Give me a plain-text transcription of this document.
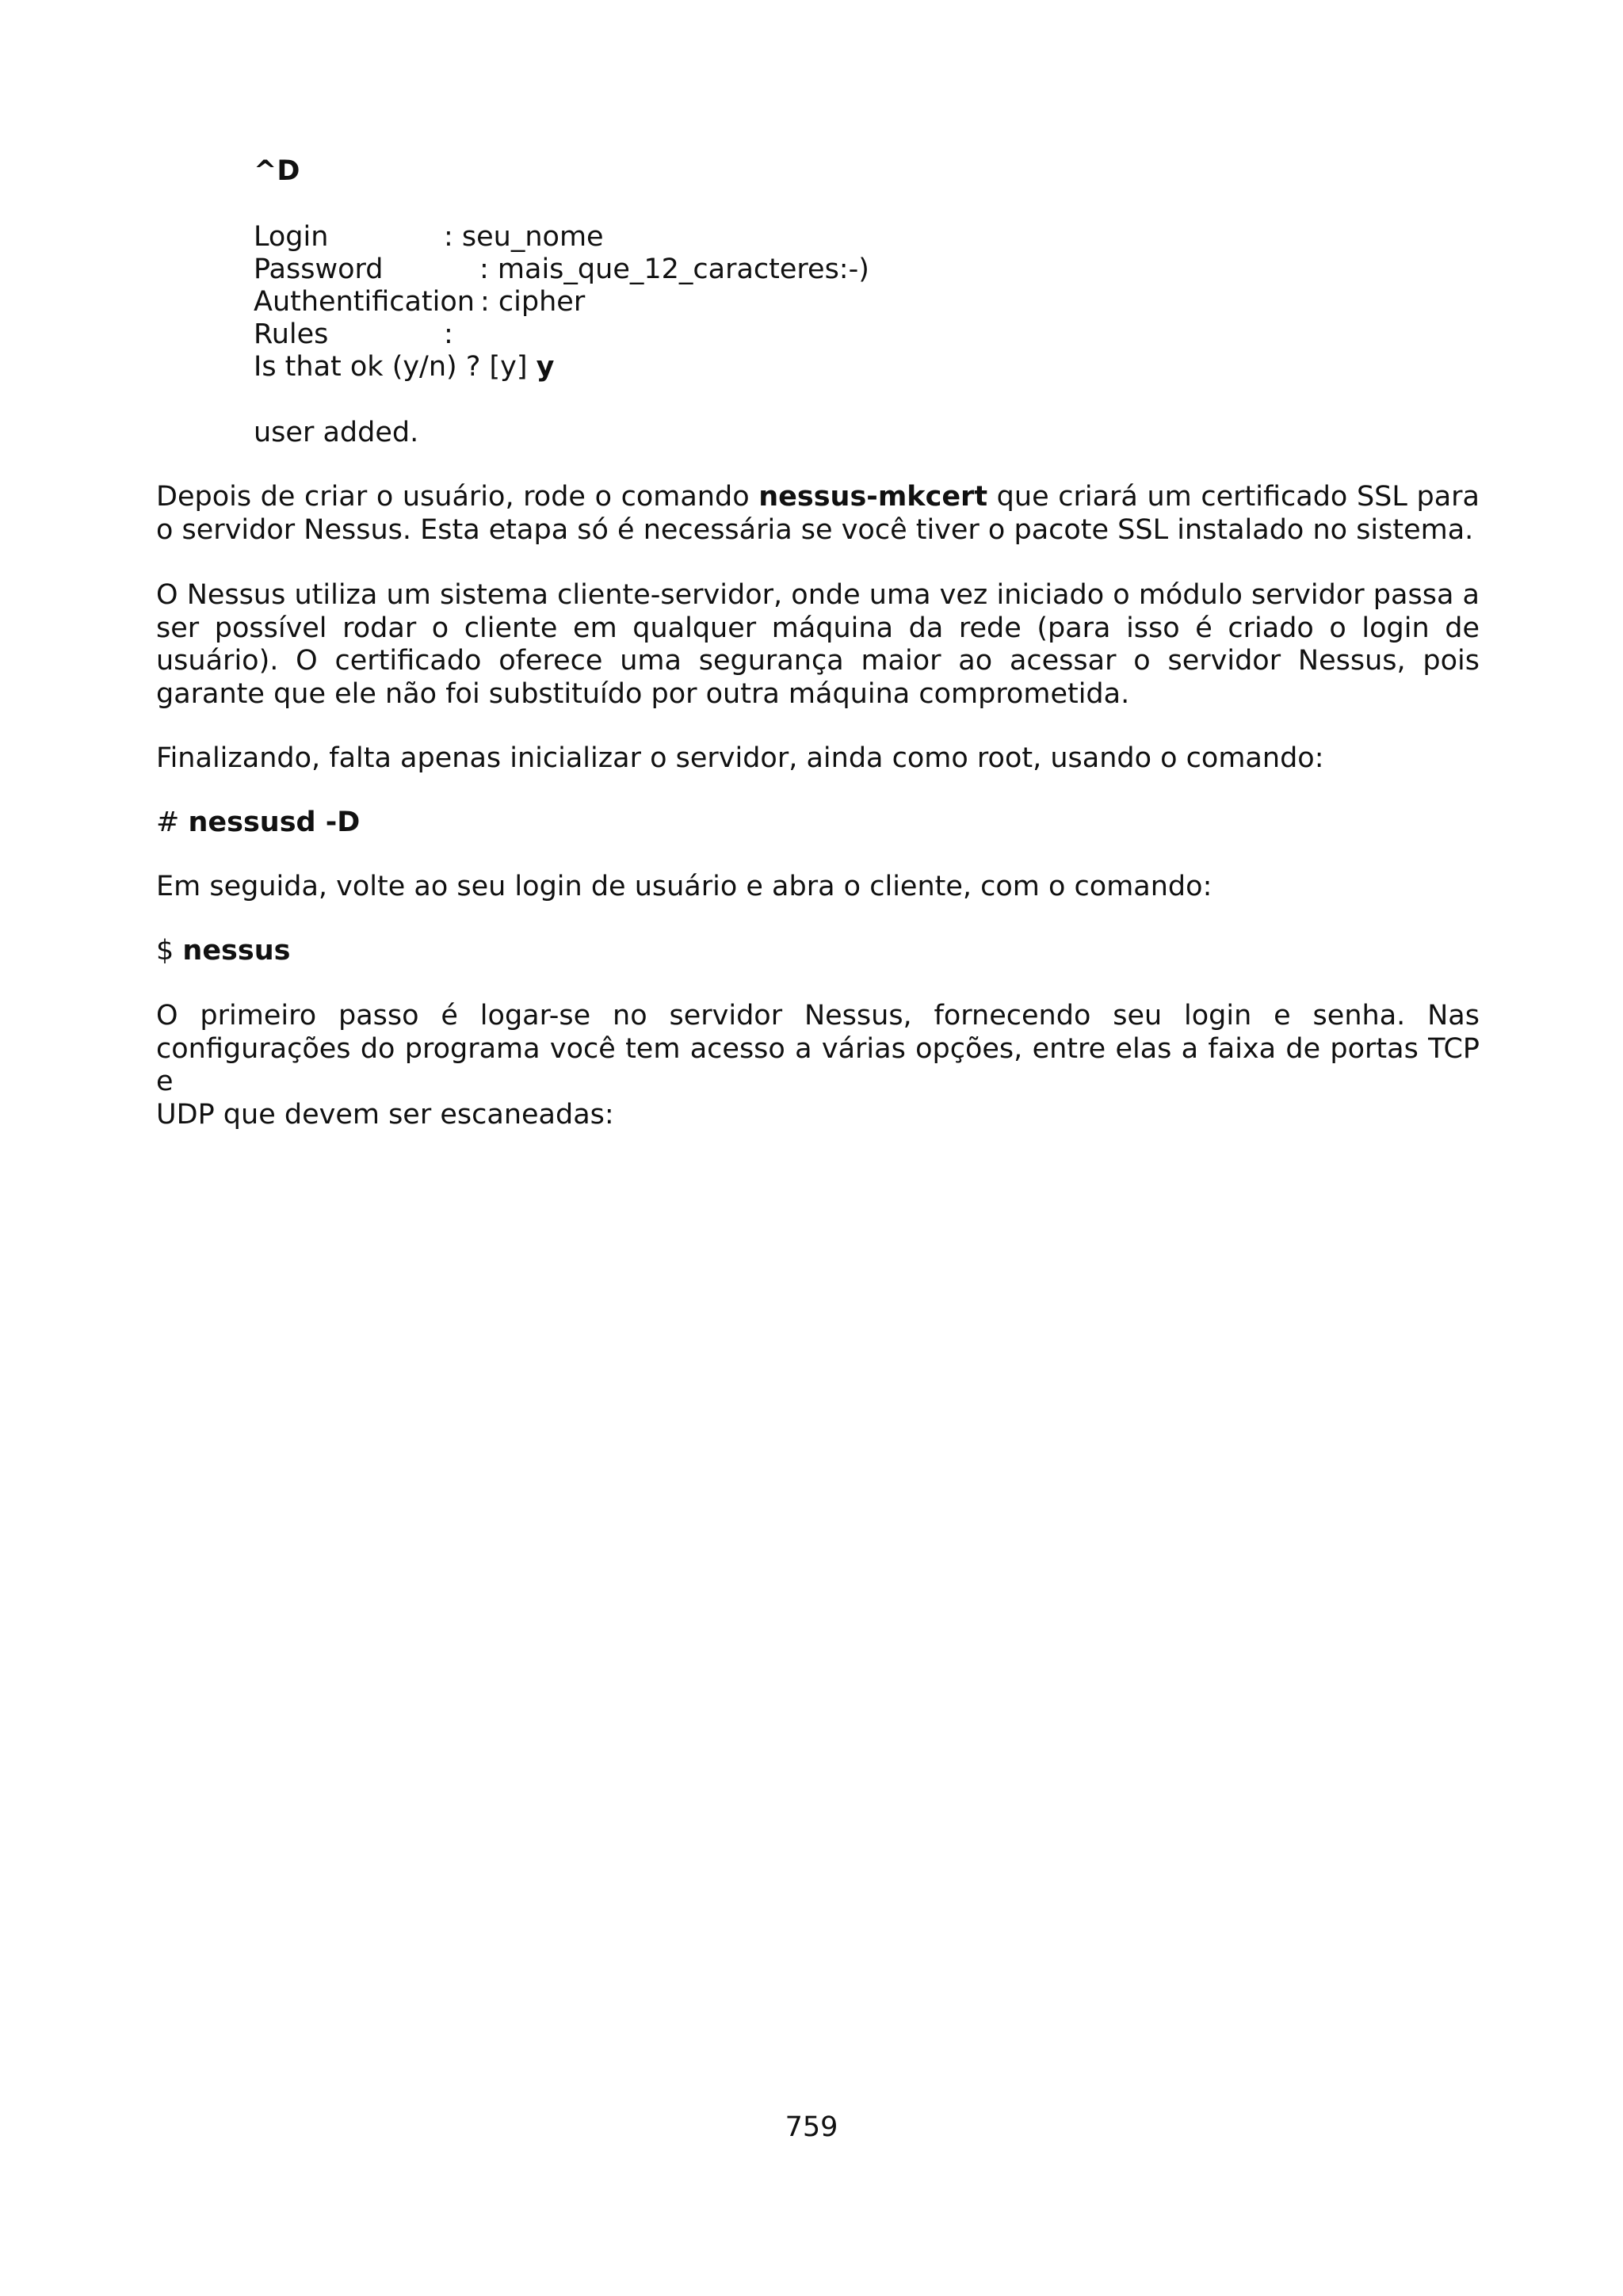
^D
Login	: seu_nome
Password	: mais_que_12_caracteres:-)
Authentification : cipher
Rules	:
Is that ok (y/n) ? [y] y
user added.
Depois de criar o usuário, rode o comando nessus-mkcert que criará um certificado SSL para
o servidor Nessus. Esta etapa só é necessária se você tiver o pacote SSL instalado no sistema.
O Nessus utiliza um sistema cliente-servidor, onde uma vez iniciado o módulo servidor passa a
ser possível rodar o cliente em qualquer máquina da rede (para isso é criado o login de
usuário). O certificado oferece uma segurança maior ao acessar o servidor Nessus, pois
garante que ele não foi substituído por outra máquina comprometida.
Finalizando, falta apenas inicializar o servidor, ainda como root, usando o comando:
# nessusd -D
Em seguida, volte ao seu login de usuário e abra o cliente, com o comando:
$ nessus
O primeiro passo é logar-se no servidor Nessus, fornecendo seu login e senha. Nas
configurações do programa você tem acesso a várias opções, entre elas a faixa de portas TCP e
UDP que devem ser escaneadas:
759
